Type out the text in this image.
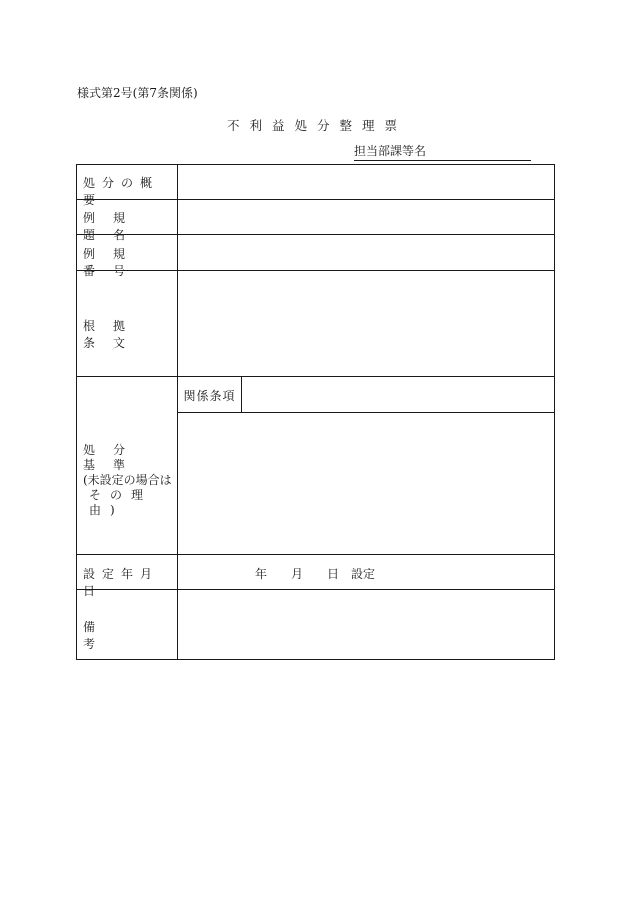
様式第2号(第7条関係)
不利益処分整理票
担当部課等名
処分の概要
例規題名
例規番号
根拠条文
処分基準
(未設定の場合は
その理由)
関係条項
設定年月日
年　　月　　日　設定
備考
